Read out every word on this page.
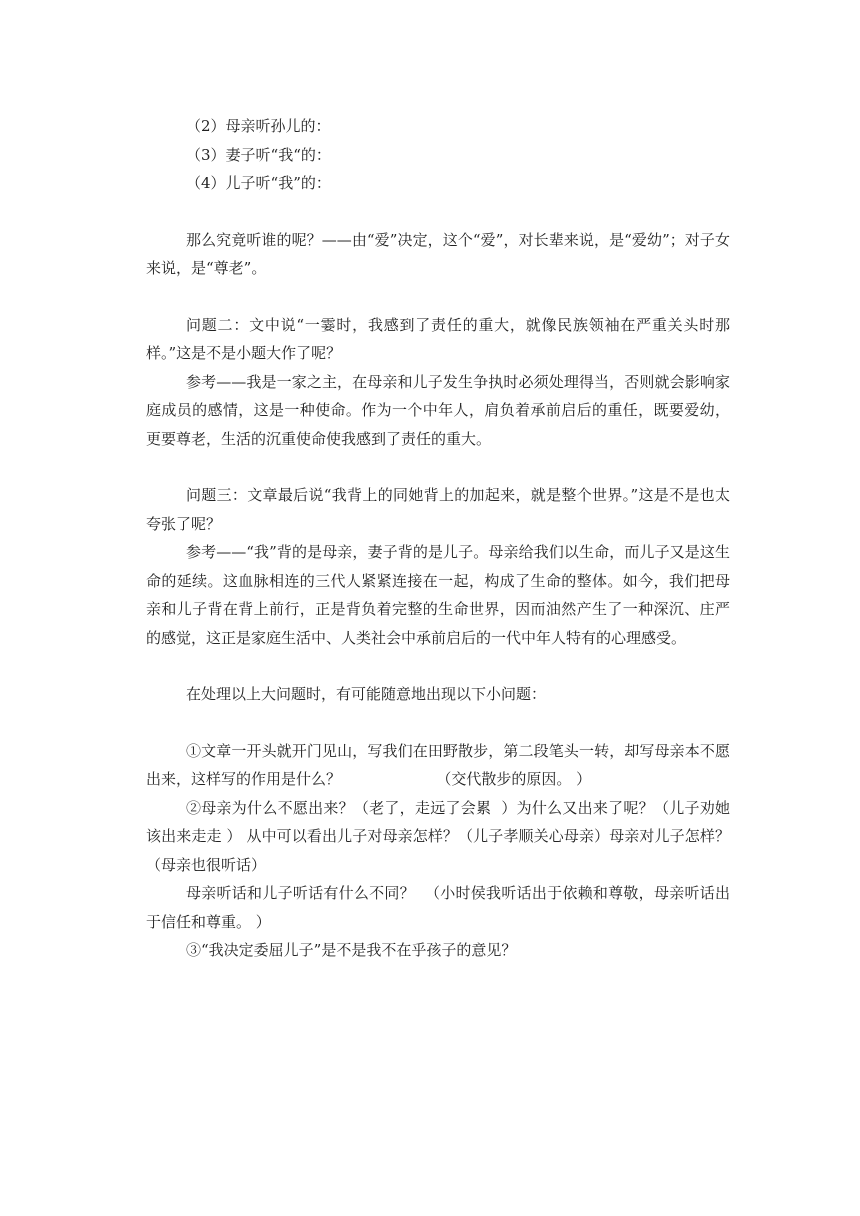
（2）母亲听孙儿的：

（3）妻子听“我“的：

（4）儿子听“我”的：

那么究竟听谁的呢？——由“爱”决定，这个“爱”，对长辈来说，是“爱幼”；对子女来说，是“尊老”。

问题二：文中说“一霎时，我感到了责任的重大，就像民族领袖在严重关头时那样。”这是不是小题大作了呢？

参考——我是一家之主，在母亲和儿子发生争执时必须处理得当，否则就会影响家庭成员的感情，这是一种使命。作为一个中年人，肩负着承前启后的重任，既要爱幼，更要尊老，生活的沉重使命使我感到了责任的重大。

问题三：文章最后说“我背上的同她背上的加起来，就是整个世界。”这是不是也太夸张了呢？

参考——“我”背的是母亲，妻子背的是儿子。母亲给我们以生命，而儿子又是这生命的延续。这血脉相连的三代人紧紧连接在一起，构成了生命的整体。如今，我们把母亲和儿子背在背上前行，正是背负着完整的生命世界，因而油然产生了一种深沉、庄严的感觉，这正是家庭生活中、人类社会中承前启后的一代中年人特有的心理感受。

在处理以上大问题时，有可能随意地出现以下小问题：

①文章一开头就开门见山，写我们在田野散步，第二段笔头一转，却写母亲本不愿出来，这样写的作用是什么？                    （交代散步的原因。 ）

②母亲为什么不愿出来？（老了，走远了会累  ）为什么又出来了呢？（儿子劝她该出来走走 ） 从中可以看出儿子对母亲怎样？（儿子孝顺关心母亲）母亲对儿子怎样？（母亲也很听话）

母亲听话和儿子听话有什么不同？  （小时侯我听话出于依赖和尊敬，母亲听话出于信任和尊重。 ）

③“我决定委屈儿子”是不是我不在乎孩子的意见？
